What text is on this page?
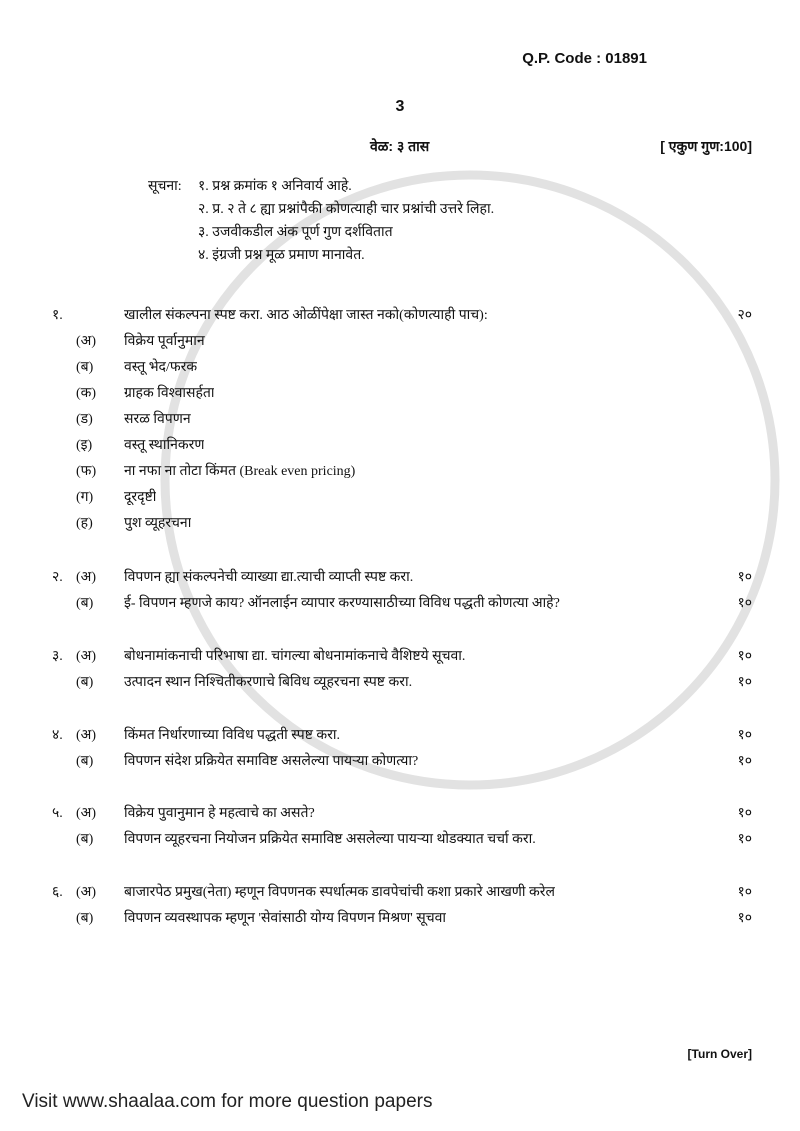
Q.P. Code : 01891
3
वेळ: ३ तास	[ एकुण गुण:100]
सूचना: १. प्रश्न क्रमांक १ अनिवार्य आहे.
२. प्र. २ ते ८ ह्या प्रश्नांपैकी कोणत्याही चार प्रश्नांची उत्तरे लिहा.
३. उजवीकडील अंक पूर्ण गुण दर्शवितात
४. इंग्रजी प्रश्न मूळ प्रमाण मानावेत.
१.	खालील संकल्पना स्पष्ट करा. आठ ओळींपेक्षा जास्त नको(कोणत्याही पाच):	२०
(अ) विक्रेय पूर्वानुमान
(ब) वस्तू भेद/फरक
(क) ग्राहक विश्वासर्हता
(ड) सरळ विपणन
(इ) वस्तू स्थानिकरण
(फ) ना नफा ना तोटा किंमत (Break even pricing)
(ग) दूरदृष्टी
(ह) पुश व्यूहरचना
२. (अ) विपणन ह्या संकल्पनेची व्याख्या द्या.त्याची व्याप्ती स्पष्ट करा.	१०
(ब) ई- विपणन म्हणजे काय? ऑनलाईन व्यापार करण्यासाठीच्या विविध पद्धती कोणत्या आहे?	१०
३. (अ) बोधनामांकनाची परिभाषा द्या. चांगल्या बोधनामांकनाचे वैशिष्टये सूचवा.	१०
(ब) उत्पादन स्थान निश्चितीकरणाचे बिविध व्यूहरचना स्पष्ट करा.	१०
४. (अ) किंमत निर्धारणाच्या विविध पद्धती स्पष्ट करा.	१०
(ब) विपणन संदेश प्रक्रियेत समाविष्ट असलेल्या पायऱ्या कोणत्या?	१०
५. (अ) विक्रेय पुवानुमान हे महत्वाचे का असते?	१०
(ब) विपणन व्यूहरचना नियोजन प्रक्रियेत समाविष्ट असलेल्या पायऱ्या थोडक्यात चर्चा करा.	१०
६. (अ) बाजारपेठ प्रमुख(नेता) म्हणून विपणनक स्पर्धात्मक डावपेचांची कशा प्रकारे आखणी करेल	१०
(ब) विपणन व्यवस्थापक म्हणून 'सेवांसाठी योग्य विपणन मिश्रण' सूचवा	१०
[Turn Over]
Visit www.shaalaa.com for more question papers
